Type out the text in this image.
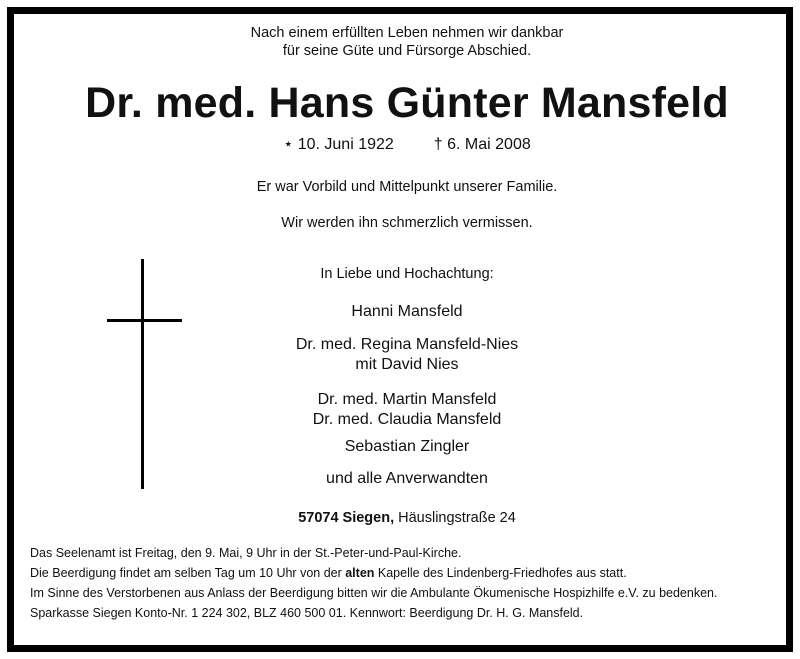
Nach einem erfüllten Leben nehmen wir dankbar
für seine Güte und Fürsorge Abschied.
Dr. med. Hans Günter Mansfeld
⋆ 10. Juni 1922	† 6. Mai 2008
Er war Vorbild und Mittelpunkt unserer Familie.
Wir werden ihn schmerzlich vermissen.
In Liebe und Hochachtung:
Hanni Mansfeld
Dr. med. Regina Mansfeld-Nies
mit David Nies
Dr. med. Martin Mansfeld
Dr. med. Claudia Mansfeld
Sebastian Zingler
und alle Anverwandten
57074 Siegen, Häuslingstraße 24

Das Seelenamt ist Freitag, den 9. Mai, 9 Uhr in der St.-Peter-und-Paul-Kirche.

Die Beerdigung findet am selben Tag um 10 Uhr von der alten Kapelle des Lindenberg-Friedhofes aus statt.

Im Sinne des Verstorbenen aus Anlass der Beerdigung bitten wir die Ambulante Ökumenische Hospizhilfe e.V. zu bedenken.

Sparkasse Siegen Konto-Nr. 1 224 302, BLZ 460 500 01. Kennwort: Beerdigung Dr. H. G. Mansfeld.
